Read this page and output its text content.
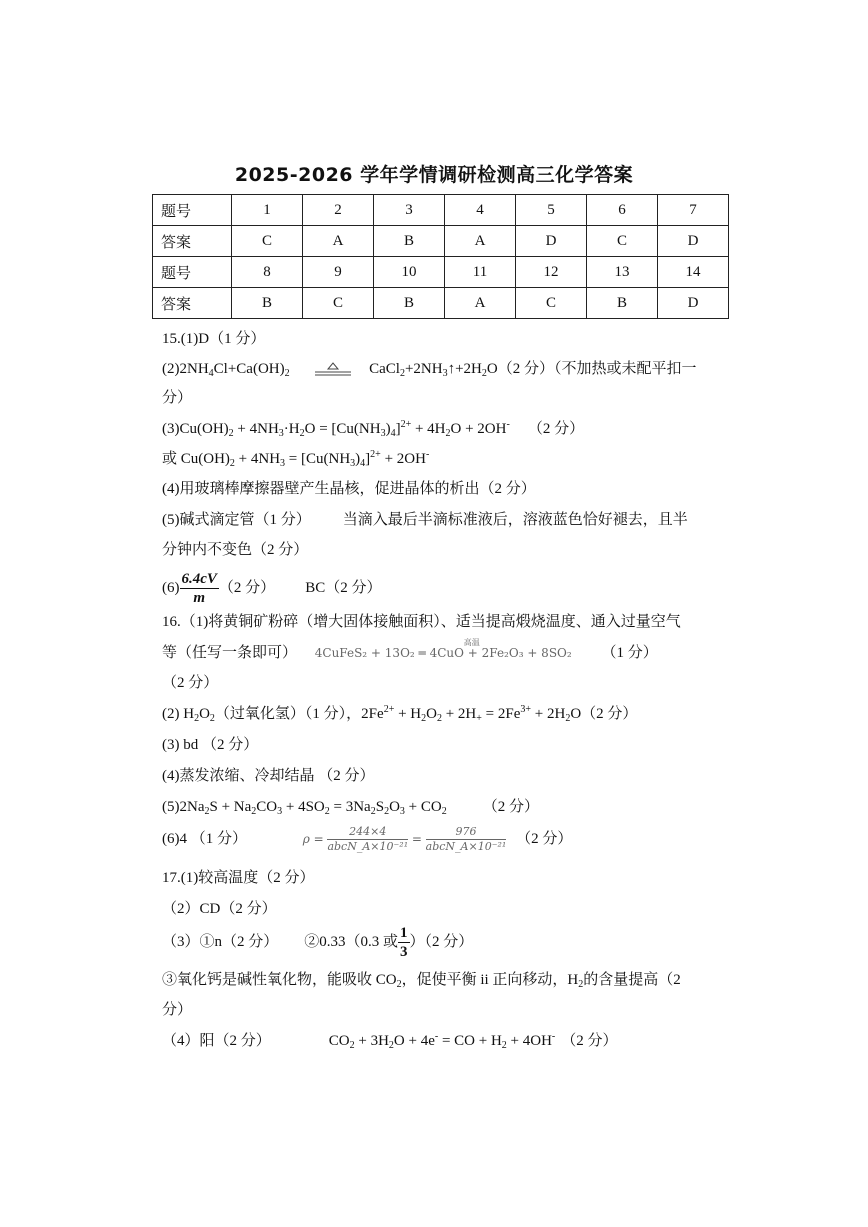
2025-2026 学年学情调研检测高三化学答案
题号	1	2	3	4	5	6	7
答案	C	A	B	A	D	C	D
题号	8	9	10	11	12	13	14
答案	B	C	B	A	C	B	D
15.(1)D（1 分）
$(2)2NH_4Cl+Ca(OH)_2$	$CaCl_2+2NH_3↑+2H_2O(2$ 分）（不加热或未配平扣一
分）
$(3)Cu(OH)_2 + 4NH_3\cdot H_2O = [Cu(NH_3)_4]^{2+} + 4H_2O + 2OH^-$ （2 分）
或 $Cu(OH)_2 + 4NH_3 = [Cu(NH_3)_4]^{2+} + 2OH^-$
(4)用玻璃棒摩擦器壁产生晶核，促进晶体的析出（2 分）
(5)碱式滴定管（1 分） 当滴入最后半滴标准液后，溶液蓝色恰好褪去，且半
分钟内不变色（2 分）
$(6) \frac{6.4cV}{m} (2$ 分） BC（2 分）
16.（1)将黄铜矿粉碎（增大固体接触面积）、适当提高煅烧温度、通入过量空气
等（任写一条即可） 4CuFeS₂ + 13O₂ ═ 4CuO + 2Fe₂O₃ + 8SO₂
高温
（1 分）
（2 分）
(2) $H_2O_2$（过氧化氢）（1 分），$2Fe^{2+} + H_2O_2 + 2H_+ = 2Fe^{3+} + 2H_2O(2$ 分）
(3) bd （2 分）
(4)蒸发浓缩、冷却结晶 （2 分）
$(5)2Na_2S + Na_2CO_3 + 4SO_2 = 3Na_2S_2O_3 + CO_2$ （2 分）
(6)4 （1 分）	$\rho = \frac{244\times 4}{\text{abcN\_A×10⁻²¹}} = \frac{976}{\text{abcN\_A×10⁻²¹}} (2$ 分）
17.(1)较高温度（2 分）
（2）CD（2 分）
（3）①n（2 分） ②0.33（0.3 或 $\frac{1}{3} )(2$ 分）
③氧化钙是碱性氧化物，能吸收 $CO_2$，促使平衡 ii 正向移动，$H_2$的含量提高（2
分）
（4）阳（2 分）	$CO_2 + 3H_2O + 4e^-$ = CO + $H_2 + 4OH^-$ （2 分）
